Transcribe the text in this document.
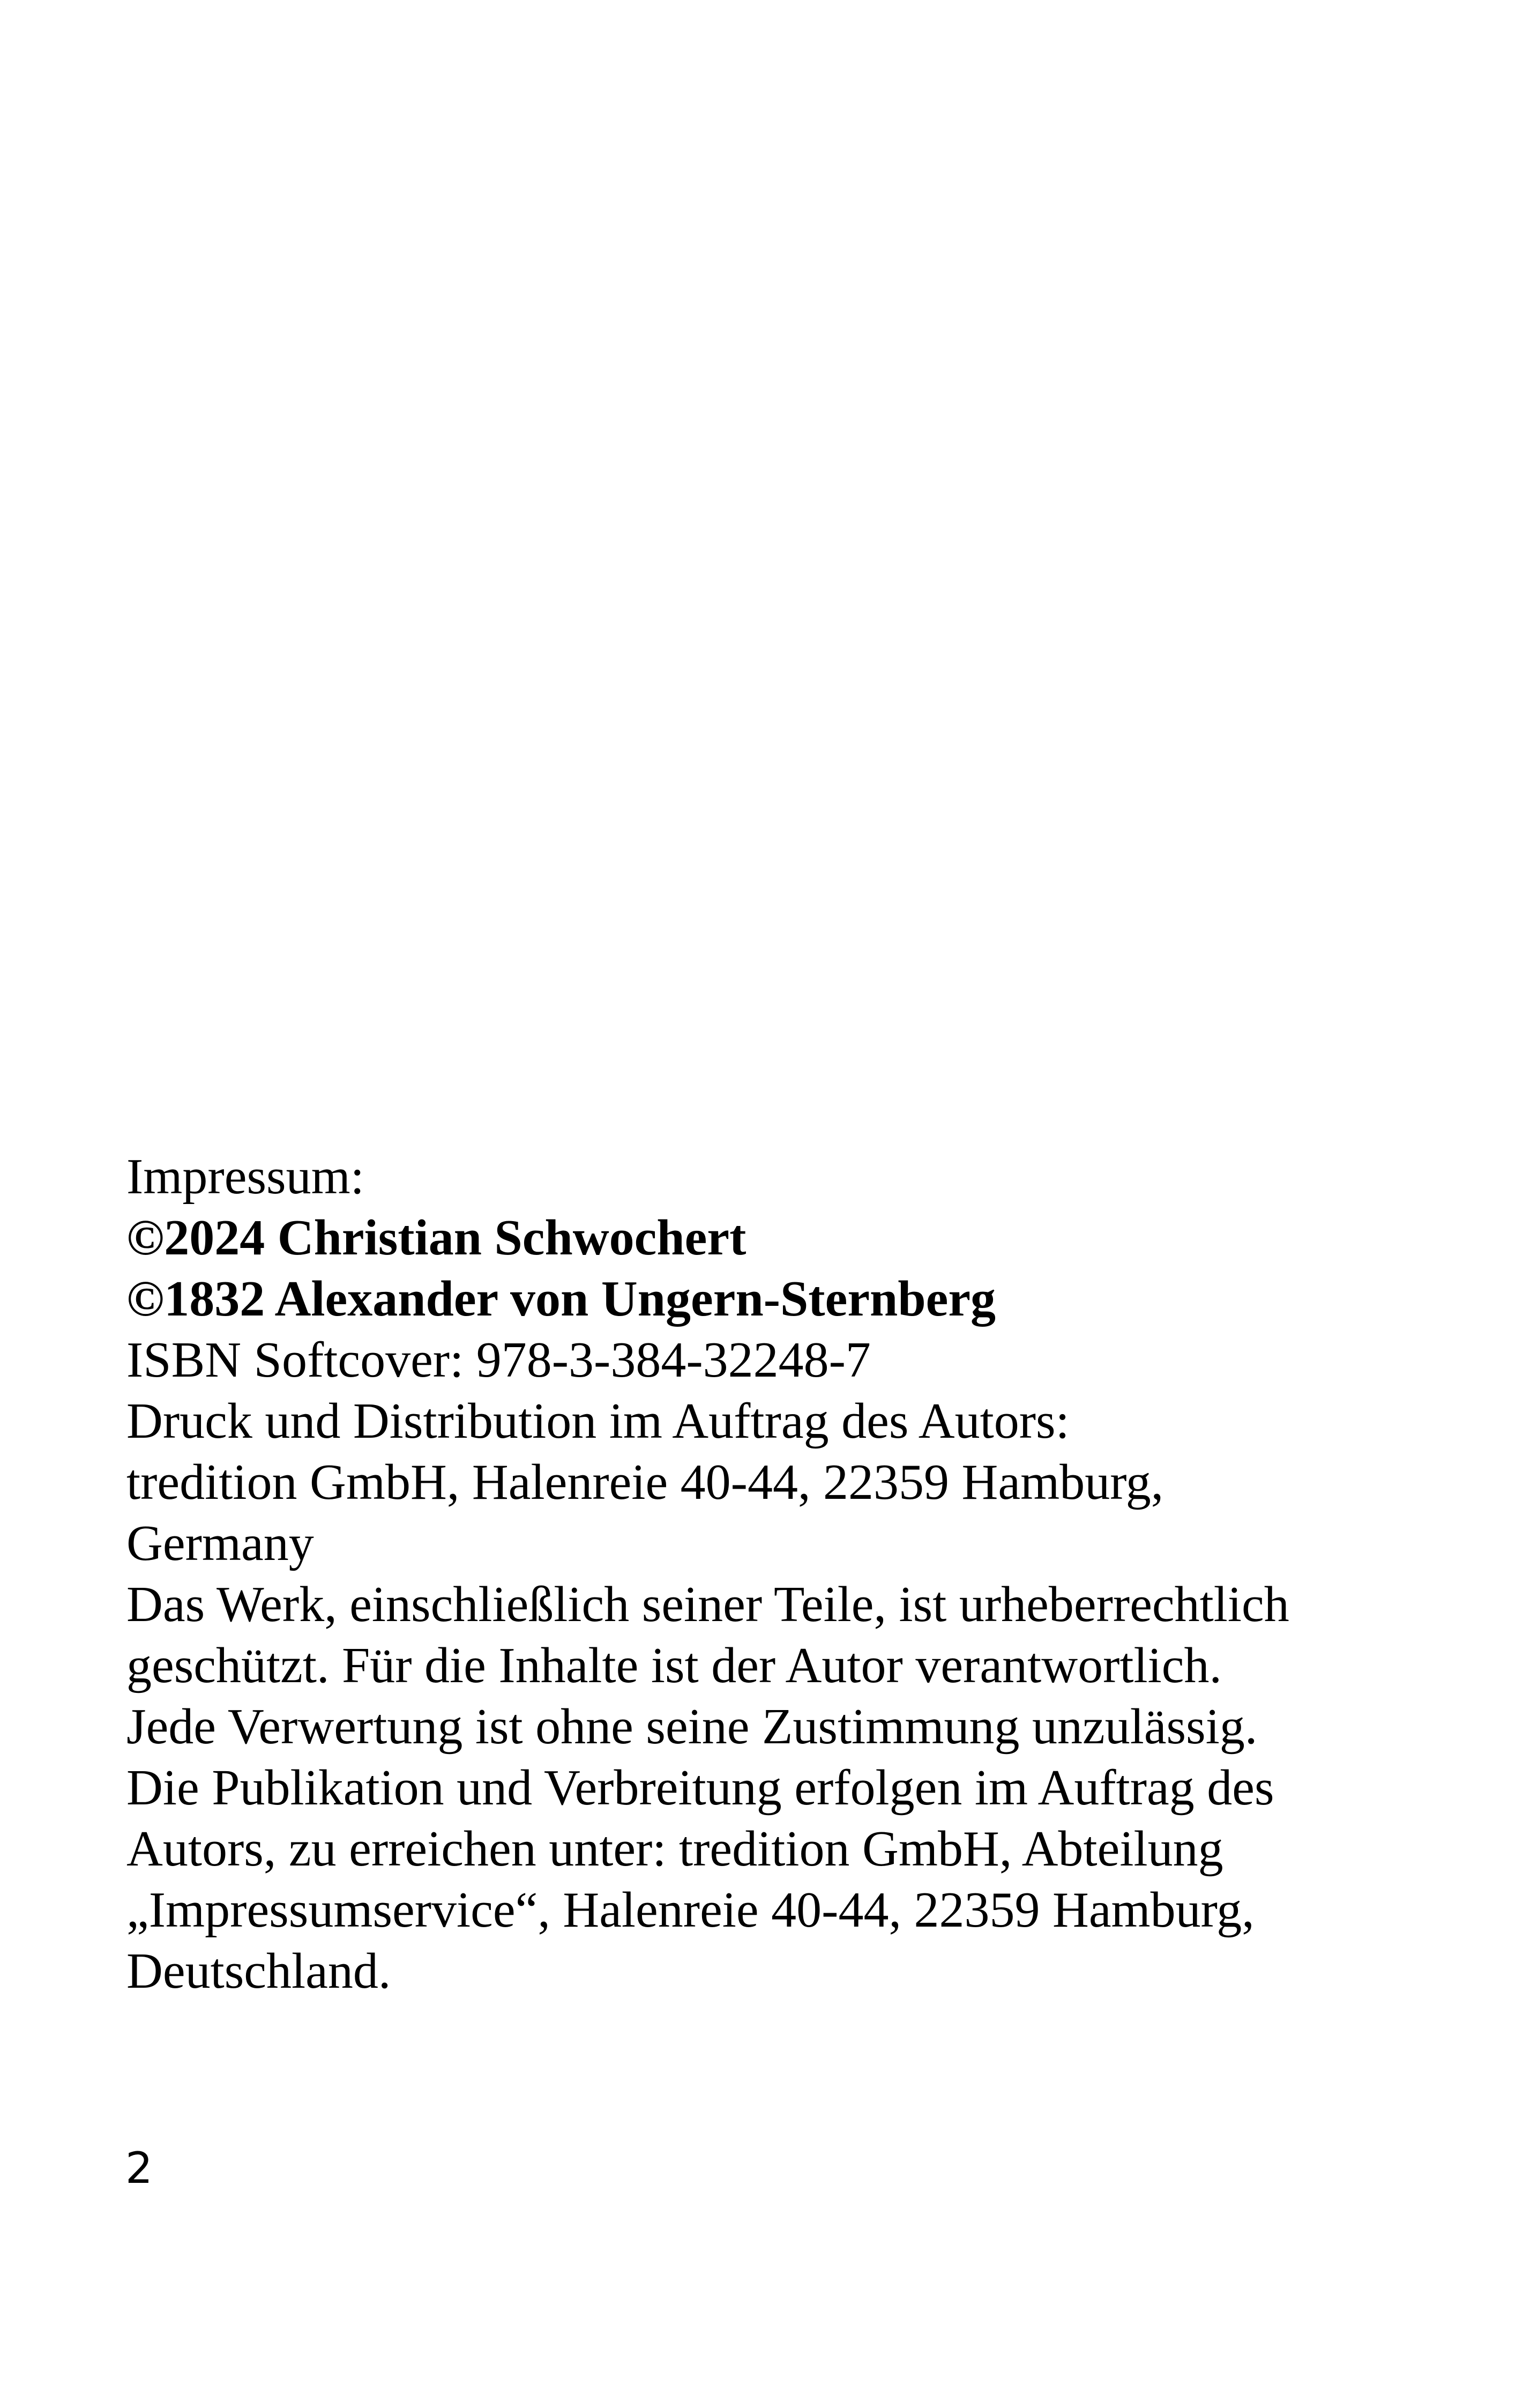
Impressum:
©2024 Christian Schwochert
©1832 Alexander von Ungern-Sternberg
ISBN Softcover: 978-3-384-32248-7
Druck und Distribution im Auftrag des Autors:
tredition GmbH, Halenreie 40-44, 22359 Hamburg,
Germany
Das Werk, einschließlich seiner Teile, ist urheberrechtlich
geschützt. Für die Inhalte ist der Autor verantwortlich.
Jede Verwertung ist ohne seine Zustimmung unzulässig.
Die Publikation und Verbreitung erfolgen im Auftrag des
Autors, zu erreichen unter: tredition GmbH, Abteilung
„Impressumservice“, Halenreie 40-44, 22359 Hamburg,
Deutschland.
2
